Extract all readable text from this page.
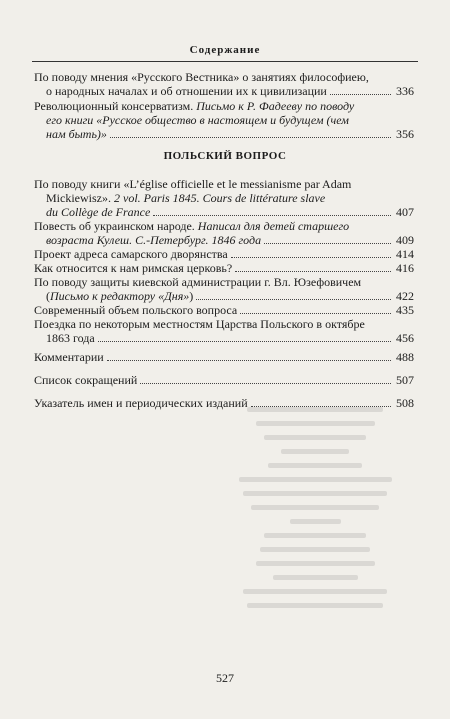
Содержание
По поводу мнения «Русского Вестника» о занятиях философиею,
о народных началах и об отношении их к цивилизации	336
Революционный консерватизм. Письмо к Р. Фадееву по поводу
его книги «Русское общество в настоящем и будущем (чем
нам быть)»	356
ПОЛЬСКИЙ ВОПРОС
По поводу книги «L’église officielle et le messianisme par Adam
Mickiewisz». 2 vol. Paris 1845. Cours de littérature slave
du Collège de France	407
Повесть об украинском народе. Написал для детей старшего
возраста Кулеш. С.-Петербург. 1846 года	409
Проект адреса самарского дворянства	414
Как относится к нам римская церковь?	416
По поводу защиты киевской администрации г. Вл. Юзефовичем
(Письмо к редактору «Дня»)	422
Современный объем польского вопроса	435
Поездка по некоторым местностям Царства Польского в октябре
1863 года	456
Комментарии	488
Список сокращений	507
Указатель имен и периодических изданий	508
527
